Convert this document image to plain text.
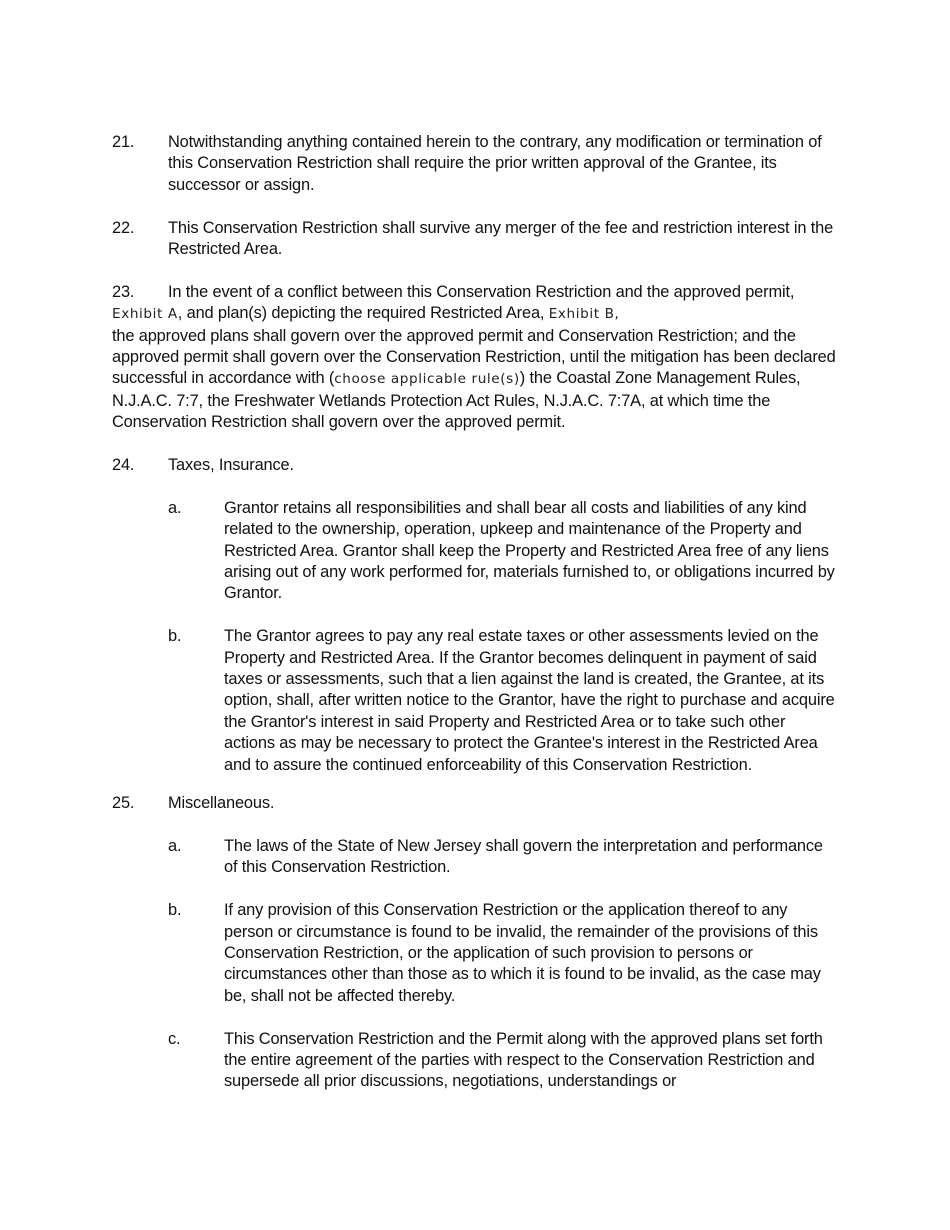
21. Notwithstanding anything contained herein to the contrary, any modification or termination of this Conservation Restriction shall require the prior written approval of the Grantee, its successor or assign.

22. This Conservation Restriction shall survive any merger of the fee and restriction interest in the Restricted Area.

23. In the event of a conflict between this Conservation Restriction and the approved permit,
Exhibit A, and plan(s) depicting the required Restricted Area, Exhibit B,
the approved plans shall govern over the approved permit and Conservation Restriction; and the approved permit shall govern over the Conservation Restriction, until the mitigation has been declared successful in accordance with (choose applicable rule(s)) the Coastal Zone Management Rules, N.J.A.C. 7:7, the Freshwater Wetlands Protection Act Rules, N.J.A.C. 7:7A, at which time the Conservation Restriction shall govern over the approved permit.

24. Taxes, Insurance.

a.	Grantor retains all responsibilities and shall bear all costs and liabilities of any kind related to the ownership, operation, upkeep and maintenance of the Property and Restricted Area. Grantor shall keep the Property and Restricted Area free of any liens arising out of any work performed for, materials furnished to, or obligations incurred by Grantor.

b.	The Grantor agrees to pay any real estate taxes or other assessments levied on the Property and Restricted Area. If the Grantor becomes delinquent in payment of said taxes or assessments, such that a lien against the land is created, the Grantee, at its option, shall, after written notice to the Grantor, have the right to purchase and acquire the Grantor's interest in said Property and Restricted Area or to take such other actions as may be necessary to protect the Grantee's interest in the Restricted Area and to assure the continued enforceability of this Conservation Restriction.

25. Miscellaneous.

a.	The laws of the State of New Jersey shall govern the interpretation and performance of this Conservation Restriction.

b.	If any provision of this Conservation Restriction or the application thereof to any person or circumstance is found to be invalid, the remainder of the provisions of this Conservation Restriction, or the application of such provision to persons or circumstances other than those as to which it is found to be invalid, as the case may be, shall not be affected thereby.

c.	This Conservation Restriction and the Permit along with the approved plans set forth the entire agreement of the parties with respect to the Conservation Restriction and supersede all prior discussions, negotiations, understandings or
